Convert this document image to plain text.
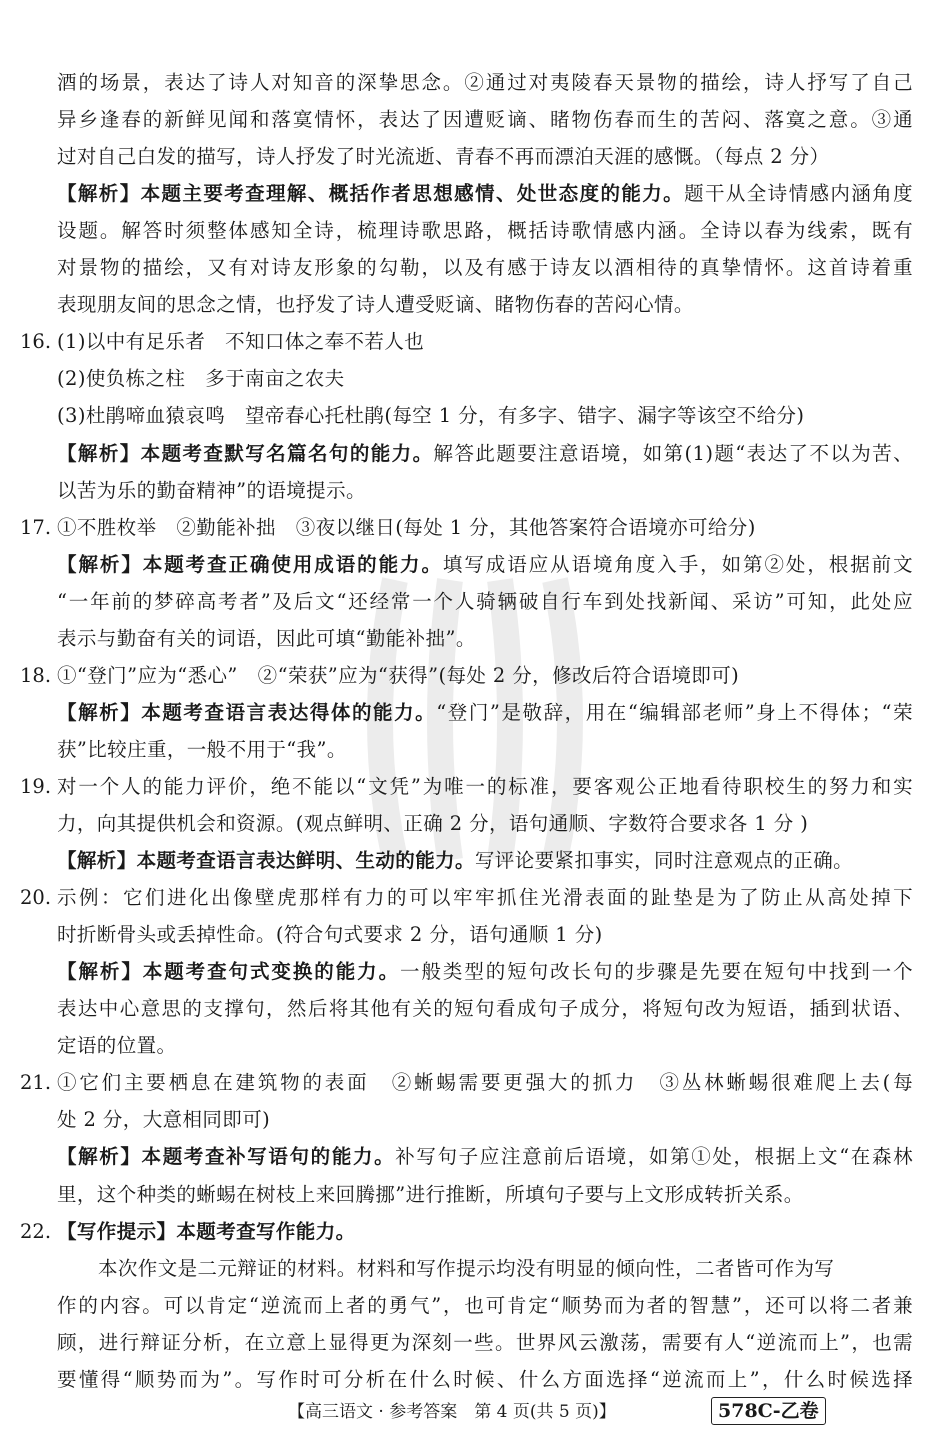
酒的场景，表达了诗人对知音的深挚思念。②通过对夷陵春天景物的描绘，诗人抒写了自己
异乡逢春的新鲜见闻和落寞情怀，表达了因遭贬谪、睹物伤春而生的苦闷、落寞之意。③通
过对自己白发的描写，诗人抒发了时光流逝、青春不再而漂泊天涯的感慨。（每点 2 分）
【解析】本题主要考查理解、概括作者思想感情、处世态度的能力。题干从全诗情感内涵角度
设题。解答时须整体感知全诗，梳理诗歌思路，概括诗歌情感内涵。全诗以春为线索，既有
对景物的描绘，又有对诗友形象的勾勒，以及有感于诗友以酒相待的真挚情怀。这首诗着重
表现朋友间的思念之情，也抒发了诗人遭受贬谪、睹物伤春的苦闷心情。
16. (1)以中有足乐者　不知口体之奉不若人也
(2)使负栋之柱　多于南亩之农夫
(3)杜鹃啼血猿哀鸣　望帝春心托杜鹃(每空 1 分，有多字、错字、漏字等该空不给分)
【解析】本题考查默写名篇名句的能力。解答此题要注意语境，如第(1)题“表达了不以为苦、
以苦为乐的勤奋精神”的语境提示。
17. ①不胜枚举　②勤能补拙　③夜以继日(每处 1 分，其他答案符合语境亦可给分)
【解析】本题考查正确使用成语的能力。填写成语应从语境角度入手，如第②处，根据前文
“一年前的梦碎高考者”及后文“还经常一个人骑辆破自行车到处找新闻、采访”可知，此处应
表示与勤奋有关的词语，因此可填“勤能补拙”。
18. ①“登门”应为“悉心”　②“荣获”应为“获得”(每处 2 分，修改后符合语境即可)
【解析】本题考查语言表达得体的能力。“登门”是敬辞，用在“编辑部老师”身上不得体；“荣
获”比较庄重，一般不用于“我”。
19. 对一个人的能力评价，绝不能以“文凭”为唯一的标准，要客观公正地看待职校生的努力和实
力，向其提供机会和资源。(观点鲜明、正确 2 分，语句通顺、字数符合要求各 1 分 )
【解析】本题考查语言表达鲜明、生动的能力。写评论要紧扣事实，同时注意观点的正确。
20. 示例：它们进化出像壁虎那样有力的可以牢牢抓住光滑表面的趾垫是为了防止从高处掉下
时折断骨头或丢掉性命。(符合句式要求 2 分，语句通顺 1 分)
【解析】本题考查句式变换的能力。一般类型的短句改长句的步骤是先要在短句中找到一个
表达中心意思的支撑句，然后将其他有关的短句看成句子成分，将短句改为短语，插到状语、
定语的位置。
21. ①它们主要栖息在建筑物的表面　②蜥蜴需要更强大的抓力　③丛林蜥蜴很难爬上去(每
处 2 分，大意相同即可)
【解析】本题考查补写语句的能力。补写句子应注意前后语境，如第①处，根据上文“在森林
里，这个种类的蜥蜴在树枝上来回腾挪”进行推断，所填句子要与上文形成转折关系。
22. 【写作提示】本题考查写作能力。
本次作文是二元辩证的材料。材料和写作提示均没有明显的倾向性，二者皆可作为写
作的内容。可以肯定“逆流而上者的勇气”，也可肯定“顺势而为者的智慧”，还可以将二者兼
顾，进行辩证分析，在立意上显得更为深刻一些。世界风云激荡，需要有人“逆流而上”，也需
要懂得“顺势而为”。写作时可分析在什么时候、什么方面选择“逆流而上”，什么时候选择
【高三语文 · 参考答案　第 4 页(共 5 页)】	578C-乙卷
